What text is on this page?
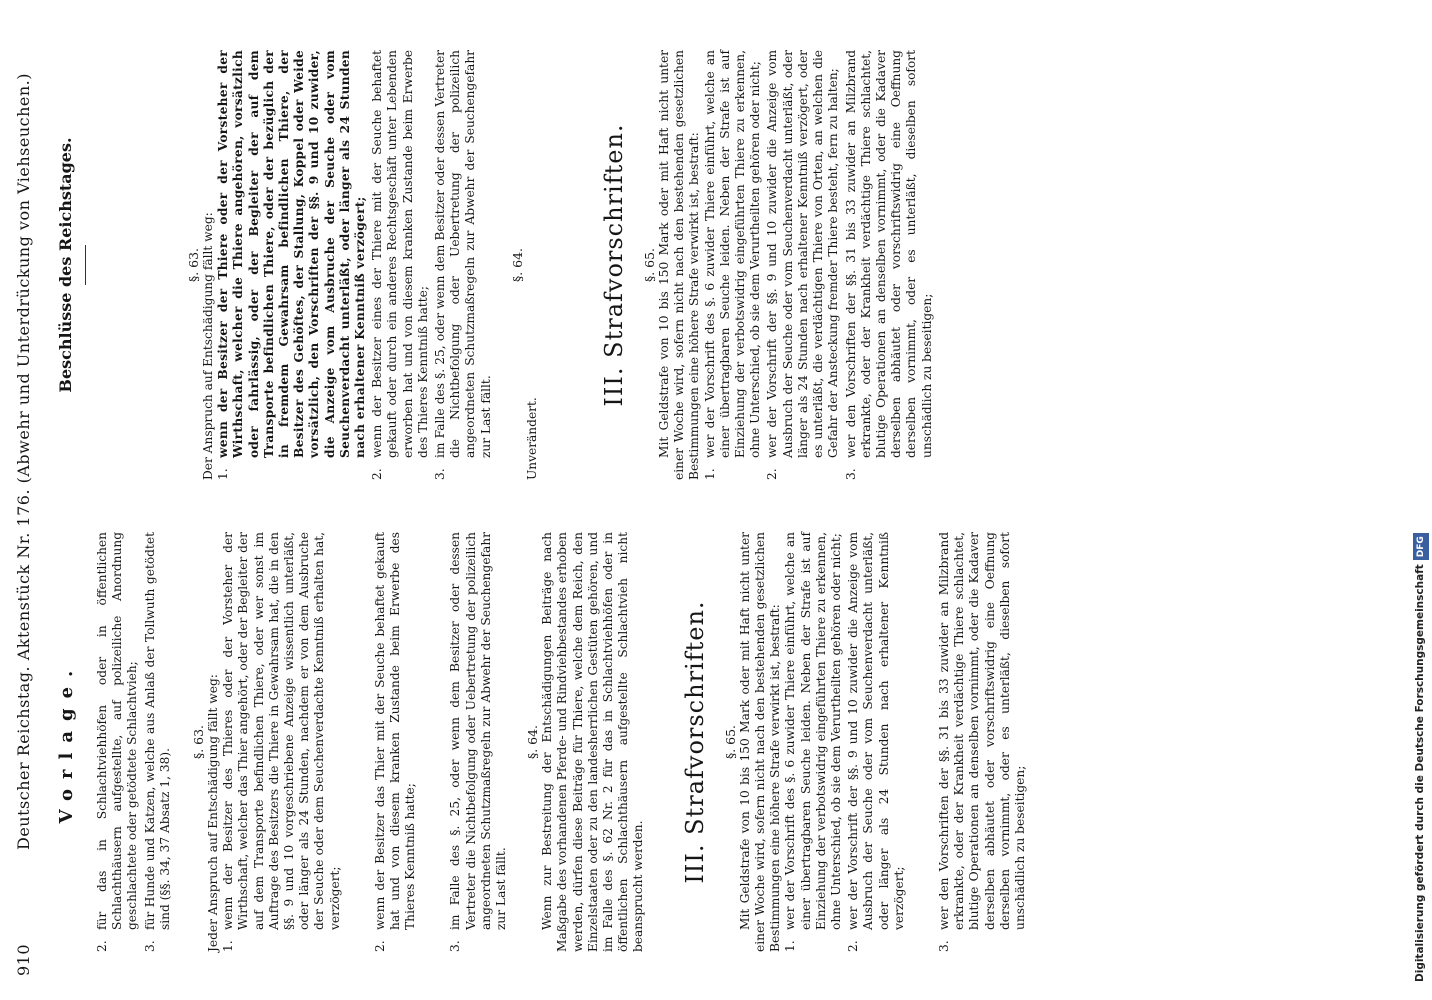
910
Deutscher Reichstag. Aktenstück Nr. 176. (Abwehr und Unterdrückung von Viehseuchen.) Vorlage.
2.
für das in Schlachtviehhöfen oder in öffentlichen Schlachthäusern aufgestellte, auf polizeiliche Anordnung geschlachtete oder getödtete Schlachtvieh;
3.
für Hunde und Katzen, welche aus Anlaß der Tollwuth getödtet sind (§§. 34, 37 Absatz 1, 38).
§. 63. Jeder Anspruch auf Entschädigung fällt weg: 1.
wenn der Besitzer des Thieres oder der Vorsteher der Wirthschaft, welcher das Thier angehört, oder der Begleiter der auf dem Transporte befindlichen Thiere, oder wer sonst im Auftrage des Besitzers die Thiere in Gewahrsam hat, die in den §§. 9 und 10 vorgeschriebene Anzeige wissentlich unterläßt, oder länger als 24 Stunden, nachdem er von dem Ausbruche der Seuche oder dem Seuchenverdachte Kenntniß erhalten hat, verzögert;
2.
wenn der Besitzer das Thier mit der Seuche behaftet gekauft hat und von diesem kranken Zustande beim Erwerbe des Thieres Kenntniß hatte;
3.
im Falle des §. 25, oder wenn dem Besitzer oder dessen Vertreter die Nichtbefolgung oder Uebertretung der polizeilich angeordneten Schutzmaßregeln zur Abwehr der Seuchengefahr zur Last fällt.
§. 64. Wenn zur Bestreitung der Entschädigungen Beiträge nach Maßgabe des vorhandenen Pferde- und Rindviehbestandes erhoben werden, dürfen diese Beiträge für Thiere, welche dem Reich, den Einzelstaaten oder zu den landesherrlichen Gestüten gehören, und im Falle des §. 62 Nr. 2 für das in Schlachtviehhöfen oder in öffentlichen Schlachthäusern aufgestellte Schlachtvieh nicht beansprucht werden.

III. Strafvorschriften. §. 65. Mit Geldstrafe von 10 bis 150 Mark oder mit Haft nicht unter einer Woche wird, sofern nicht nach den bestehenden gesetzlichen Bestimmungen eine höhere Strafe verwirkt ist, bestraft: 1.
wer der Vorschrift des §. 6 zuwider Thiere einführt, welche an einer übertragbaren Seuche leiden. Neben der Strafe ist auf Einziehung der verbotswidrig eingeführten Thiere zu erkennen, ohne Unterschied, ob sie dem Verurtheilten gehören oder nicht;
2.
wer der Vorschrift der §§. 9 und 10 zuwider die Anzeige vom Ausbruch der Seuche oder vom Seuchenverdacht unterläßt, oder länger als 24 Stunden nach erhaltener Kenntniß verzögert;
3.
wer den Vorschriften der §§. 31 bis 33 zuwider an Milzbrand erkrankte, oder der Krankheit verdächtige Thiere schlachtet, blutige Operationen an denselben vornimmt, oder die Kadaver derselben abhäutet oder vorschriftswidrig eine Oeffnung derselben vornimmt, oder es unterläßt, dieselben sofort unschädlich zu beseitigen;
Beschlüsse des Reichstages.	§. 63. Der Anspruch auf Entschädigung fällt weg: 1.
wenn der Besitzer der Thiere oder der Vorsteher der Wirthschaft, welcher die Thiere angehören, vorsätzlich oder fahrlässig, oder der Begleiter der auf dem Transporte befindlichen Thiere, oder der bezüglich der in fremdem Gewahrsam befindlichen Thiere, der Besitzer des Gehöftes, der Stallung, Koppel oder Weide vorsätzlich, den Vorschriften der §§. 9 und 10 zuwider, die Anzeige vom Ausbruche der Seuche oder vom Seuchenverdacht unterläßt, oder länger als 24 Stunden nach erhaltener Kenntniß verzögert;
2.
wenn der Besitzer eines der Thiere mit der Seuche behaftet gekauft oder durch ein anderes Rechtsgeschäft unter Lebenden erworben hat und von diesem kranken Zustande beim Erwerbe des Thieres Kenntniß hatte;
3.
im Falle des §. 25, oder wenn dem Besitzer oder dessen Vertreter die Nichtbefolgung oder Uebertretung der polizeilich angeordneten Schutzmaßregeln zur Abwehr der Seuchengefahr zur Last fällt.
§. 64.

Unverändert.

III. Strafvorschriften. §. 65. Mit Geldstrafe von 10 bis 150 Mark oder mit Haft nicht unter einer Woche wird, sofern nicht nach den bestehenden gesetzlichen Bestimmungen eine höhere Strafe verwirkt ist, bestraft: 1.
wer der Vorschrift des §. 6 zuwider Thiere einführt, welche an einer übertragbaren Seuche leiden. Neben der Strafe ist auf Einziehung der verbotswidrig eingeführten Thiere zu erkennen, ohne Unterschied, ob sie dem Verurtheilten gehören oder nicht;
2.
wer der Vorschrift der §§. 9 und 10 zuwider die Anzeige vom Ausbruch der Seuche oder vom Seuchenverdacht unterläßt, oder länger als 24 Stunden nach erhaltener Kenntniß verzögert, oder es unterläßt, die verdächtigen Thiere von Orten, an welchen die Gefahr der Ansteckung fremder Thiere besteht, fern zu halten;
3.
wer den Vorschriften der §§. 31 bis 33 zuwider an Milzbrand erkrankte, oder der Krankheit verdächtige Thiere schlachtet, blutige Operationen an denselben vornimmt, oder die Kadaver derselben abhäutet oder vorschriftswidrig eine Oeffnung derselben vornimmt, oder es unterläßt, dieselben sofort unschädlich zu beseitigen;
Digitalisierung gefördert durch die Deutsche ForschungsgemeinschaftDFG
